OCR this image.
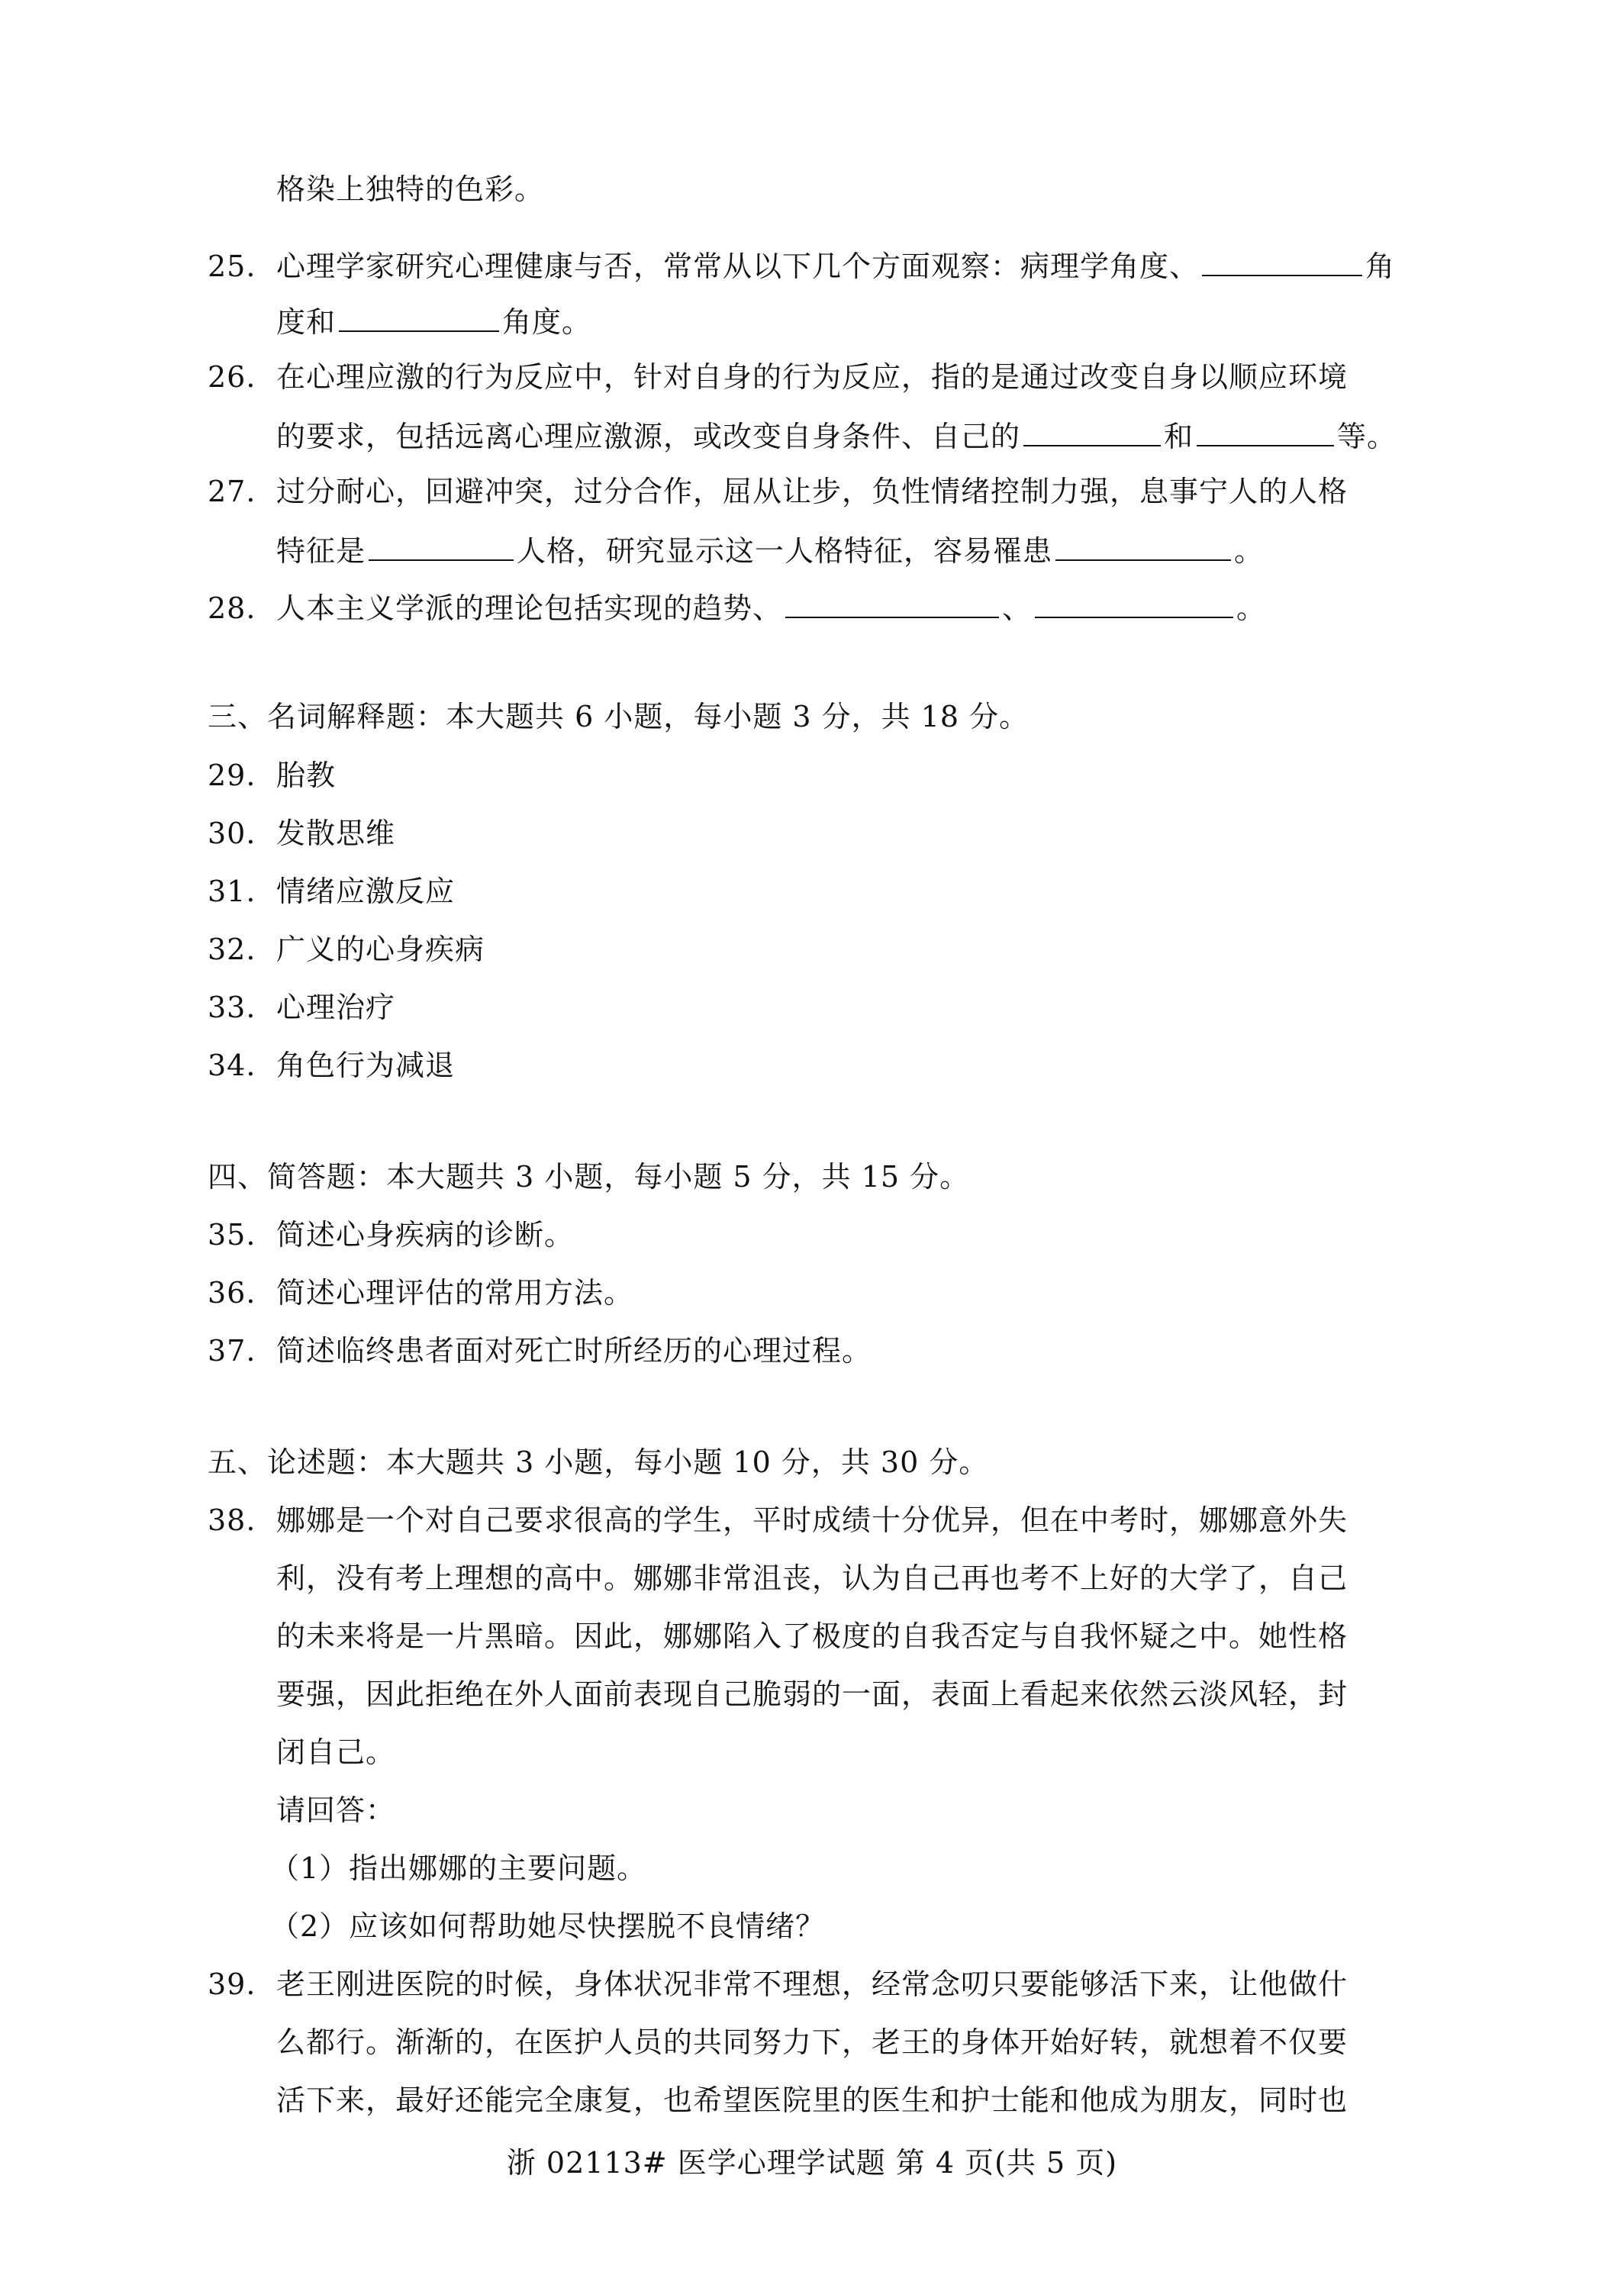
格染上独特的色彩。
25. 心理学家研究心理健康与否，常常从以下几个方面观察：病理学角度、	角
度和	角度。
26. 在心理应激的行为反应中，针对自身的行为反应，指的是通过改变自身以顺应环境
的要求，包括远离心理应激源，或改变自身条件、自己的	和	等。
27. 过分耐心，回避冲突，过分合作，屈从让步，负性情绪控制力强，息事宁人的人格
特征是	人格，研究显示这一人格特征，容易罹患	。
28. 人本主义学派的理论包括实现的趋势、	、	。
三、名词解释题：本大题共 6 小题，每小题 3 分，共 18 分。
29. 胎教
30. 发散思维
31. 情绪应激反应
32. 广义的心身疾病
33. 心理治疗
34. 角色行为减退
四、简答题：本大题共 3 小题，每小题 5 分，共 15 分。
35. 简述心身疾病的诊断。
36. 简述心理评估的常用方法。
37. 简述临终患者面对死亡时所经历的心理过程。
五、论述题：本大题共 3 小题，每小题 10 分，共 30 分。
38. 娜娜是一个对自己要求很高的学生，平时成绩十分优异，但在中考时，娜娜意外失
利，没有考上理想的高中。娜娜非常沮丧，认为自己再也考不上好的大学了，自己
的未来将是一片黑暗。因此，娜娜陷入了极度的自我否定与自我怀疑之中。她性格
要强，因此拒绝在外人面前表现自己脆弱的一面，表面上看起来依然云淡风轻，封
闭自己。
请回答：
（1）指出娜娜的主要问题。
（2）应该如何帮助她尽快摆脱不良情绪？
39. 老王刚进医院的时候，身体状况非常不理想，经常念叨只要能够活下来，让他做什
么都行。渐渐的，在医护人员的共同努力下，老王的身体开始好转，就想着不仅要
活下来，最好还能完全康复，也希望医院里的医生和护士能和他成为朋友，同时也
浙 02113# 医学心理学试题 第 4 页(共 5 页)
